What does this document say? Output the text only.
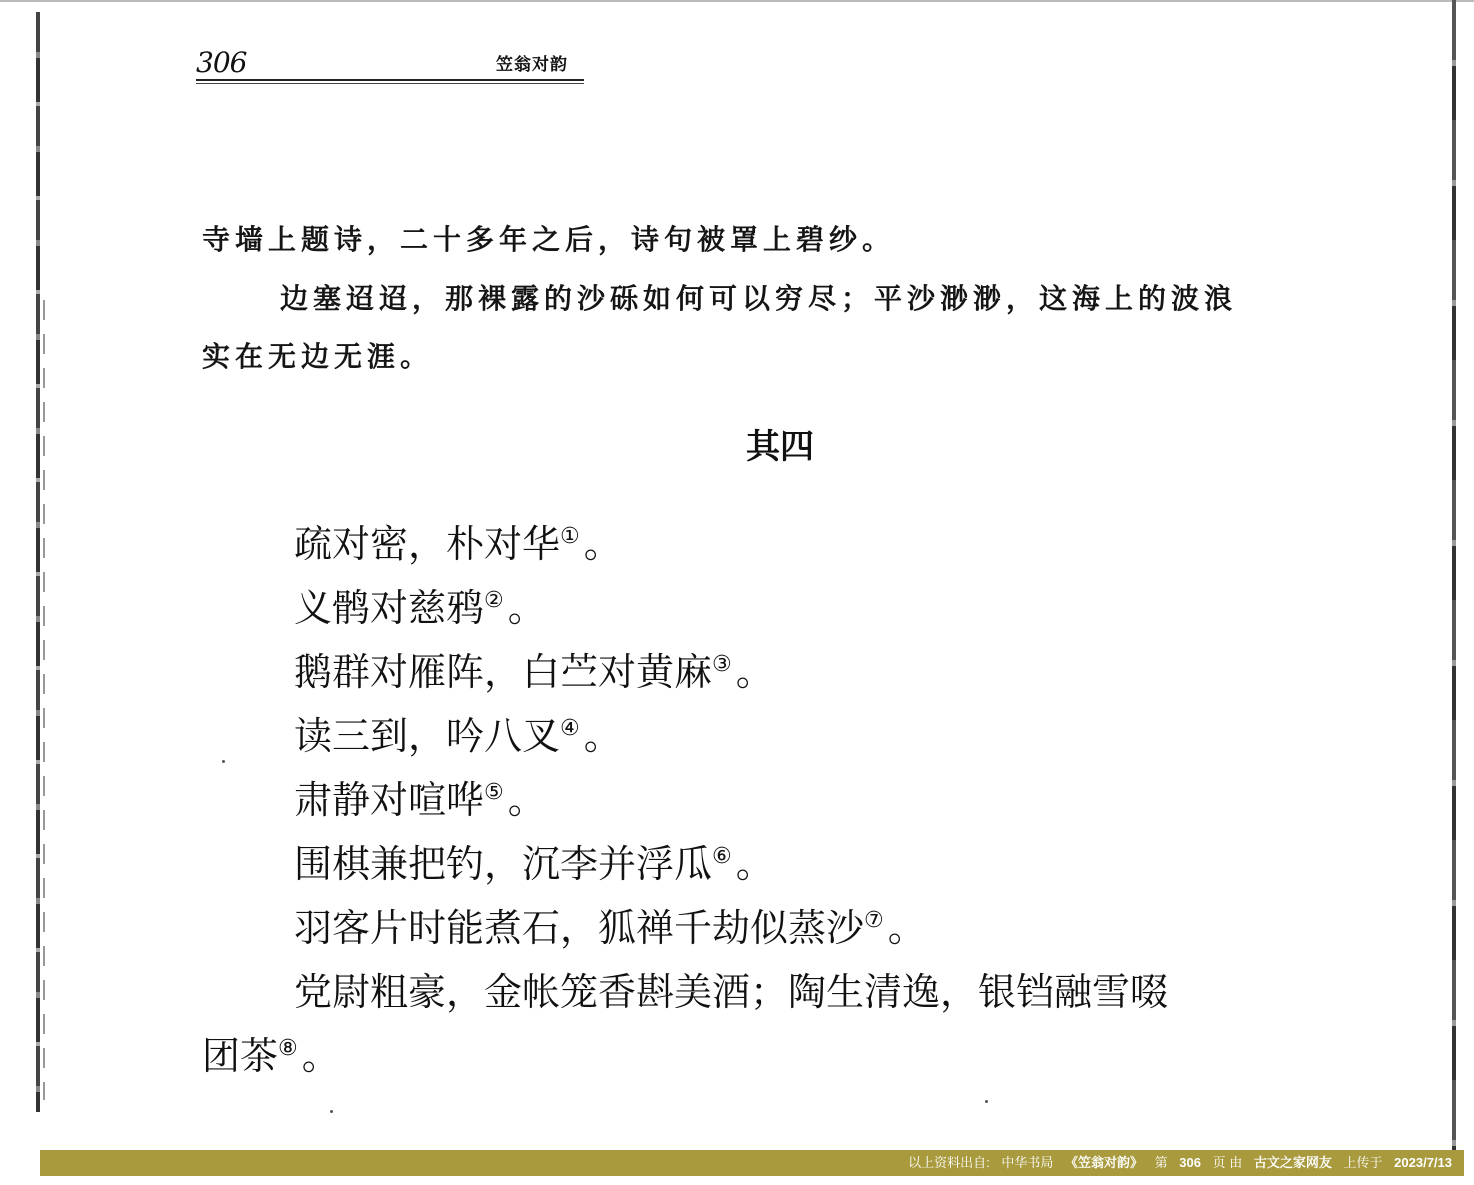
306	笠翁对韵
寺墙上题诗，二十多年之后，诗句被罩上碧纱。
边塞迢迢，那裸露的沙砾如何可以穷尽；平沙渺渺，这海上的波浪
实在无边无涯。
其四
疏对密，朴对华① 。
义鹘对慈鸦② 。
鹅群对雁阵，白苎对黄麻③ 。
读三到，吟八叉④ 。
肃静对喧哗⑤ 。
围棋兼把钓，沉李并浮瓜⑥ 。
羽客片时能煮石，狐禅千劫似蒸沙⑦ 。
党尉粗豪，金帐笼香斟美酒；陶生清逸，银铛融雪啜
团茶⑧ 。
以上资料出自: 中华书局 《笠翁对韵》 第 306 页 由 古文之家网友 上传于 2023/7/13
